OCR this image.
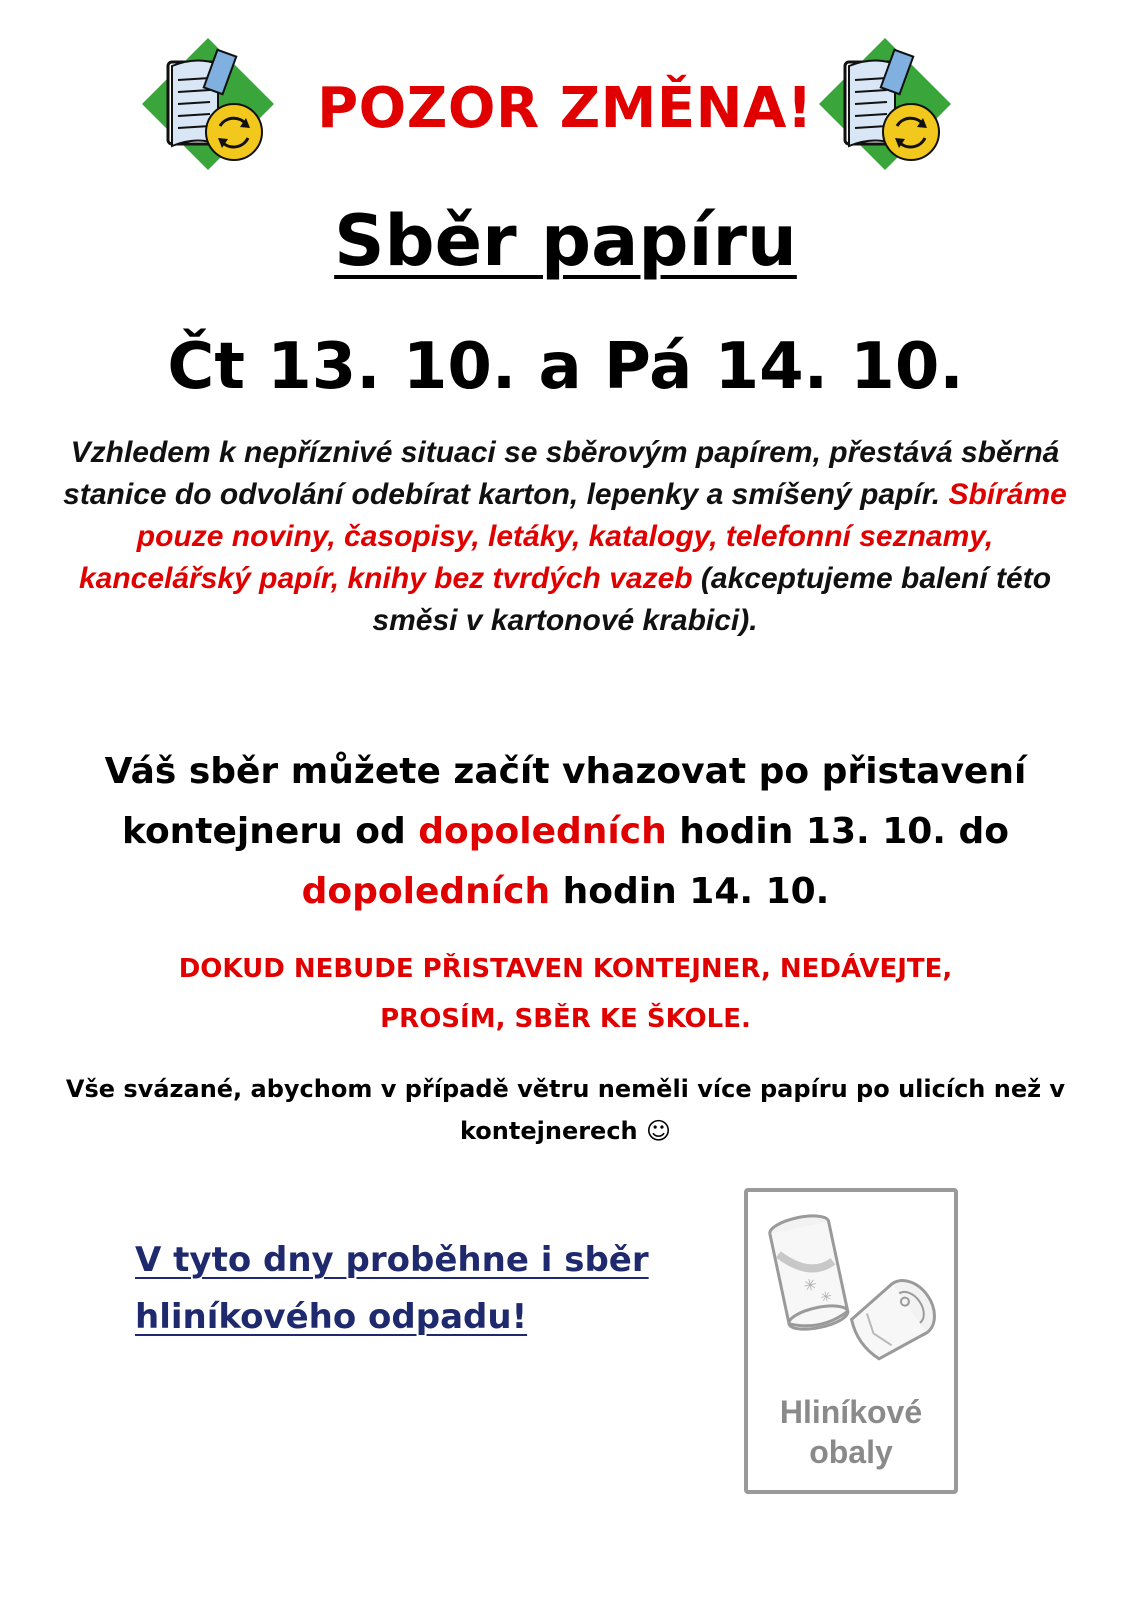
POZOR ZMĚNA!
Sběr papíru
Čt 13. 10. a Pá 14. 10.
Vzhledem k nepříznivé situaci se sběrovým papírem, přestává sběrná stanice do odvolání odebírat karton, lepenky a smíšený papír. Sbíráme pouze noviny, časopisy, letáky, katalogy, telefonní seznamy, kancelářský papír, knihy bez tvrdých vazeb (akceptujeme balení této směsi v kartonové krabici).
Váš sběr můžete začít vhazovat po přistavení kontejneru od dopoledních hodin 13. 10. do
dopoledních hodin 14. 10.
DOKUD NEBUDE PŘISTAVEN KONTEJNER, NEDÁVEJTE,
PROSÍM, SBĚR KE ŠKOLE.
Vše svázané, abychom v případě větru neměli více papíru po ulicích než v kontejnerech ☺
V tyto dny proběhne i sběr hliníkového odpadu!
✳
✳
Hliníkové
obaly
